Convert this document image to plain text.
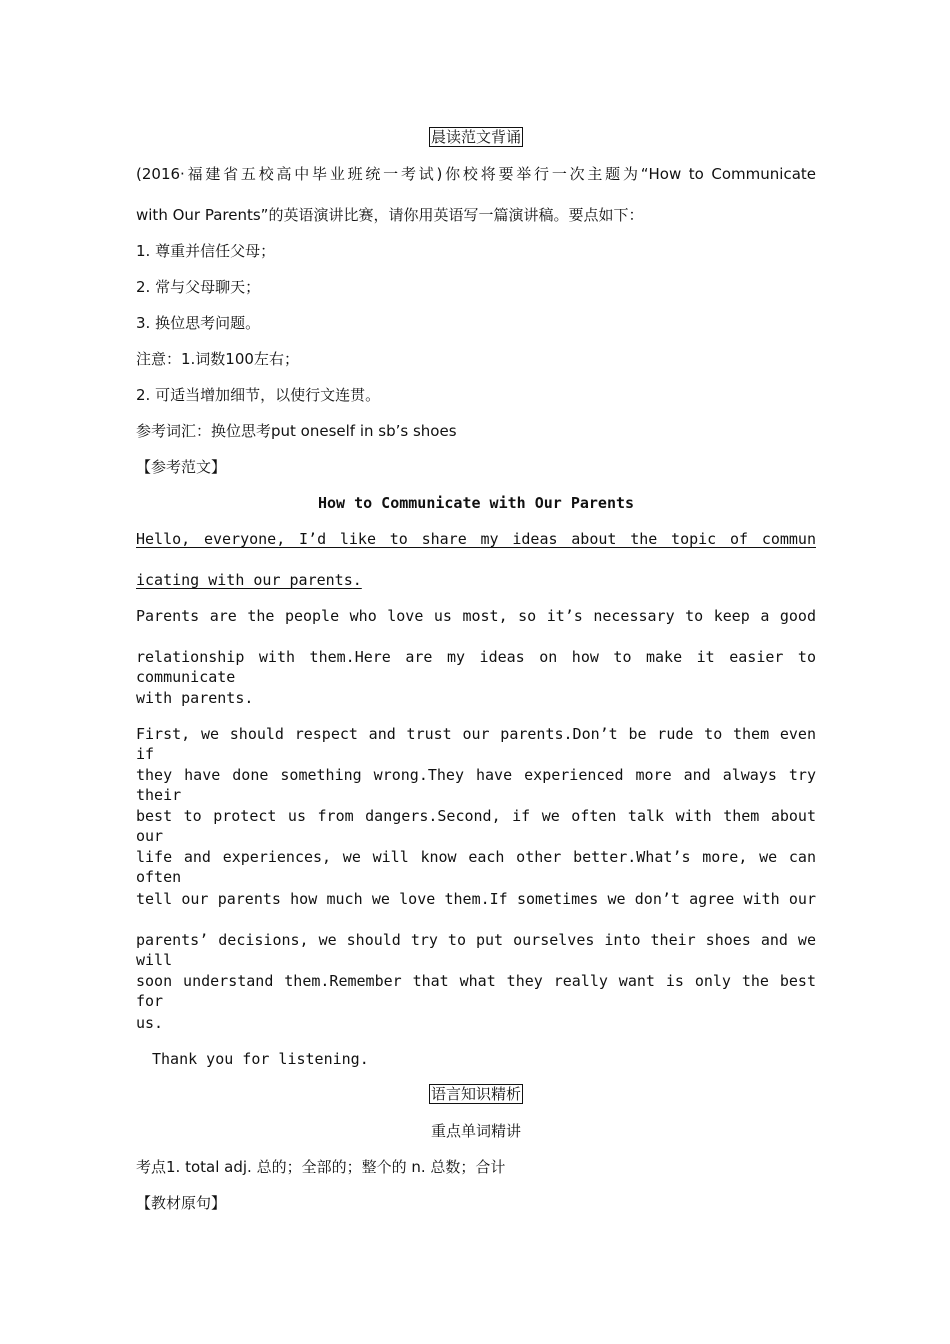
晨读范文背诵
(2016·福建省五校高中毕业班统一考试)你校将要举行一次主题为“How to Communicate
with Our Parents”的英语演讲比赛，请你用英语写一篇演讲稿。要点如下：
1. 尊重并信任父母；
2. 常与父母聊天；
3. 换位思考问题。
注意：1.词数100左右；
2. 可适当增加细节，以使行文连贯。
参考词汇：换位思考put oneself in sb’s shoes
【参考范文】
How to Communicate with Our Parents
Hello, everyone, I’d like to share my ideas about the topic of commun
icating with our parents.
Parents are the people who love us most, so it’s necessary to keep a good
relationship with them.Here are my ideas on how to make it easier to communicate
with parents.
First, we should respect and trust our parents.Don’t be rude to them even if
they have done something wrong.They have experienced more and always try their
best to protect us from dangers.Second, if we often talk with them about our
life and experiences, we will know each other better.What’s more, we can often
tell our parents how much we love them.If sometimes we don’t agree with our
parents’ decisions, we should try to put ourselves into their shoes and we will
soon understand them.Remember that what they really want is only the best for
us.
Thank you for listening.
语言知识精析
重点单词精讲
考点1. total adj. 总的；全部的；整个的 n. 总数；合计
【教材原句】
